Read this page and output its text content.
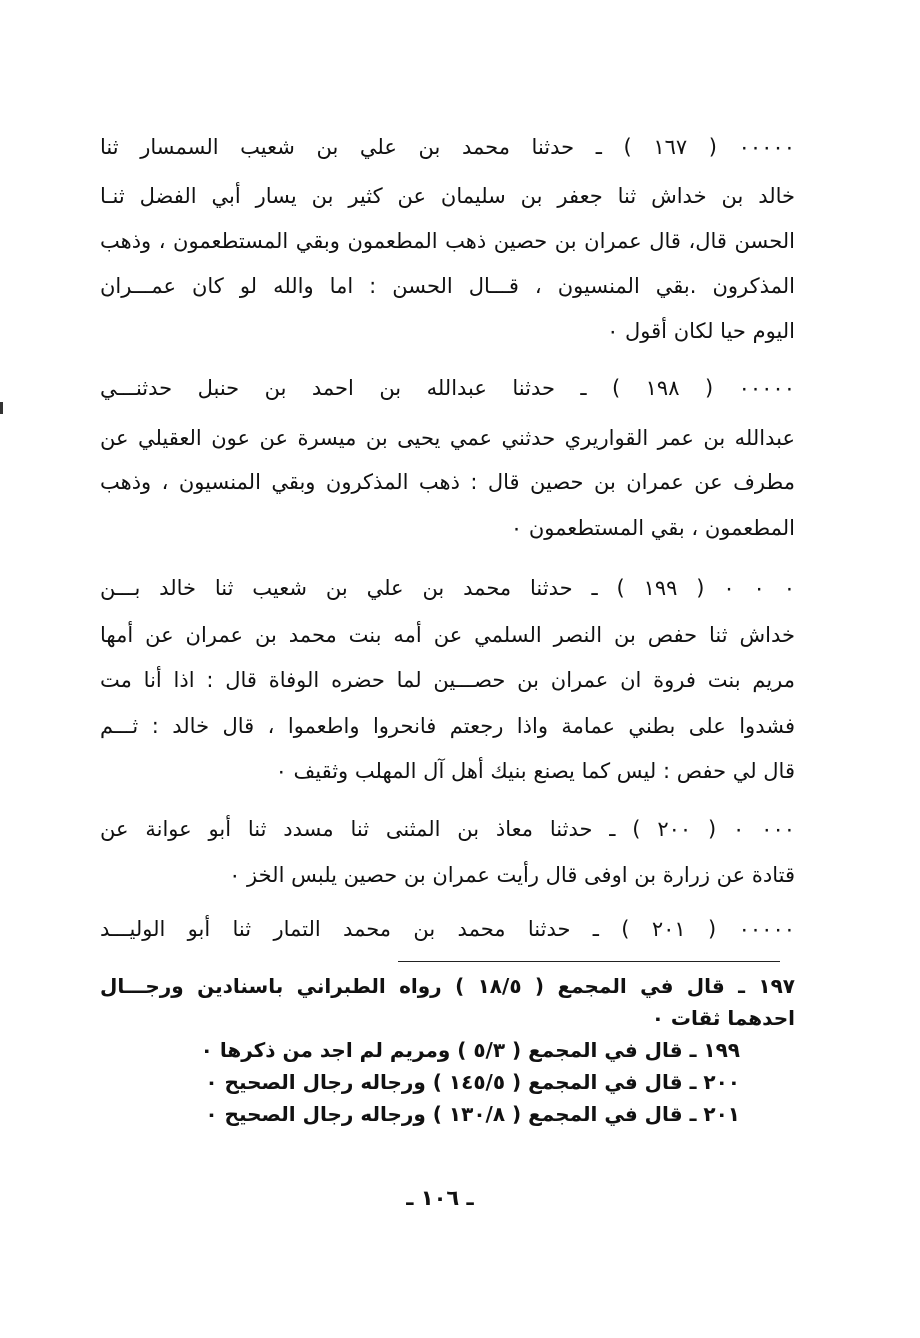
٠٠٠٠٠ ( ١٦٧ ) ـ حدثنا محمد بن علي بن شعيب السمسار ثنا
خالد بن خداش ثنا جعفر بن سليمان عن كثير بن يسار أبي الفضل ثنـا
الحسن قال، قال عمران بن حصين ذهب المطعمون وبقي المستطعمون ، وذهب
المذكرون .بقي المنسيون ، قـــال الحسن : اما والله لو كان عمـــران
اليوم حيا لكان أقول ٠
٠٠٠٠٠ ( ١٩٨ ) ـ حدثنا عبدالله بن احمد بن حنبل حدثنـــي
عبدالله بن عمر القواريري حدثني عمي يحيى بن ميسرة عن عون العقيلي عن
مطرف عن عمران بن حصين قال : ذهب المذكرون وبقي المنسيون ، وذهب
المطعمون ، بقي المستطعمون ٠
٠ ٠ ٠ ( ١٩٩ ) ـ حدثنا محمد بن علي بن شعيب ثنا خالد بـــن
خداش ثنا حفص بن النصر السلمي عن أمه بنت محمد بن عمران عن أمها
مريم بنت فروة ان عمران بن حصـــين لما حضره الوفاة قال : اذا أنا مت
فشدوا على بطني عمامة واذا رجعتم فانحروا واطعموا ، قال خالد : ثـــم
قال لي حفص : ليس كما يصنع بنيك أهل آل المهلب وثقيف ٠
٠٠٠ ٠ ( ٢٠٠ ) ـ حدثنا معاذ بن المثنى ثنا مسدد ثنا أبو عوانة عن
قتادة عن زرارة بن اوفى قال رأيت عمران بن حصين يلبس الخز ٠
٠٠٠٠٠ ( ٢٠١ ) ـ حدثنا محمد بن محمد التمار ثنا أبو الوليـــد
١٩٧ ـ قال في المجمع ( ١٨/٥ ) رواه الطبراني باسنادين ورجـــال
احدهما ثقات ٠
١٩٩ ـ قال في المجمع ( ٥/٣ ) ومريم لم اجد من ذكرها ٠
٢٠٠ ـ قال في المجمع ( ١٤٥/٥ ) ورجاله رجال الصحيح ٠
٢٠١ ـ قال في المجمع ( ١٣٠/٨ ) ورجاله رجال الصحيح ٠
ـ ١٠٦ ـ
